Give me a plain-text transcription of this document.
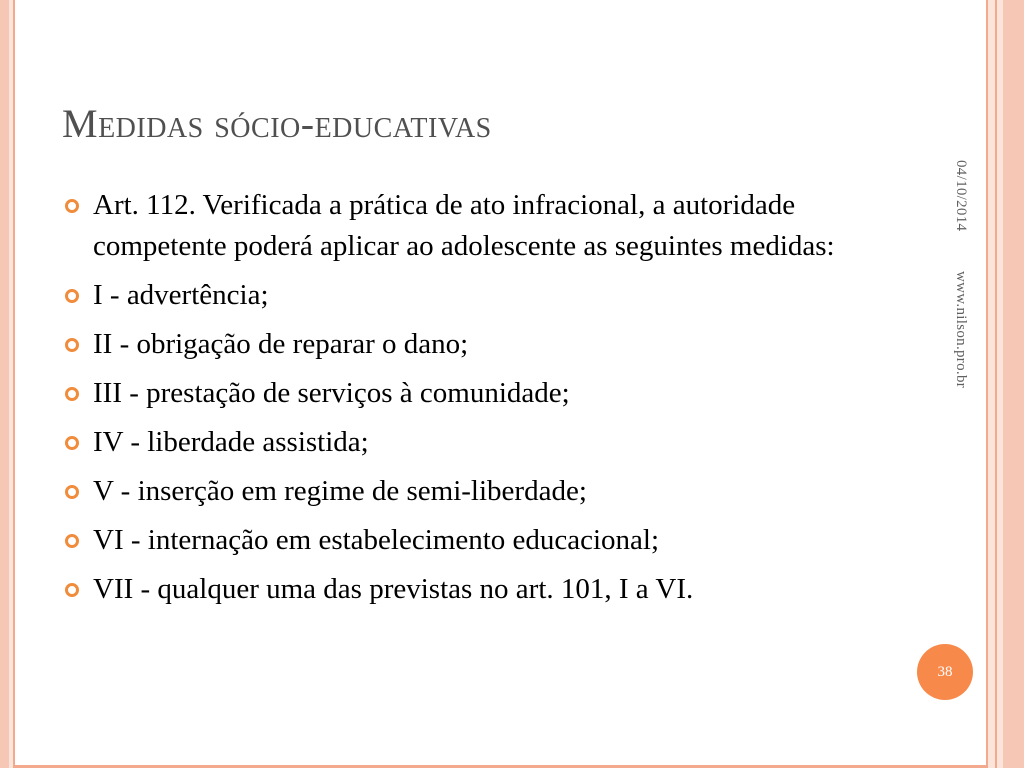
Medidas sócio-educativas
Art. 112. Verificada a prática de ato infracional, a autoridade competente poderá aplicar ao adolescente as seguintes medidas:
I - advertência;
II - obrigação de reparar o dano;
III - prestação de serviços à comunidade;
IV - liberdade assistida;
V - inserção em regime de semi-liberdade;
VI - internação em estabelecimento educacional;
VII - qualquer uma das previstas no art. 101, I a VI.
04/10/2014 www.nilson.pro.br
38
